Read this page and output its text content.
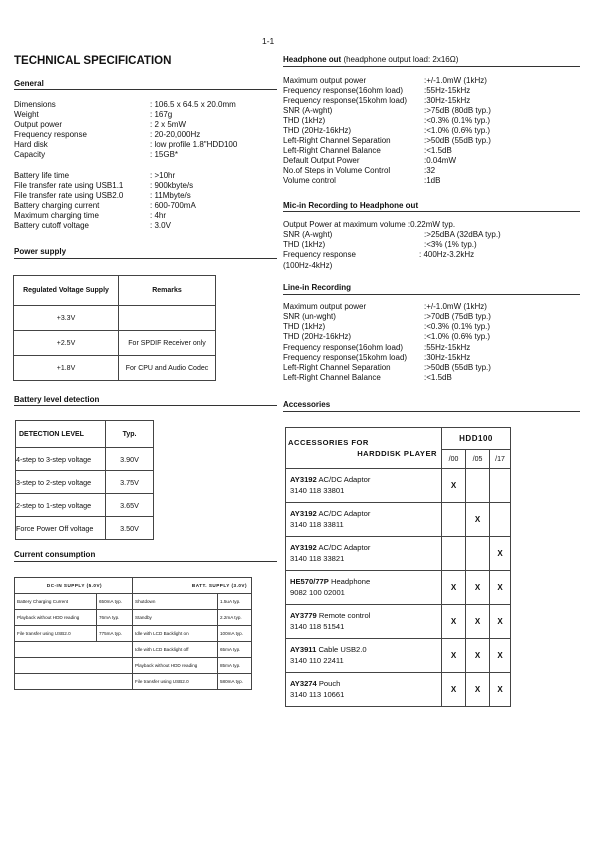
1-1
TECHNICAL SPECIFICATION
General
Dimensions	: 106.5 x 64.5 x 20.0mm
Weight	: 167g
Output power	: 2 x 5mW
Frequency response	: 20-20,000Hz
Hard disk	: low profile 1.8"HDD100
Capacity	: 15GB*
Battery life time	: >10hr
File transfer rate using USB1.1	: 900kbyte/s
File transfer rate using USB2.0	: 11Mbyte/s
Battery charging current	: 600-700mA
Maximum charging time	: 4hr
Battery cutoff voltage	: 3.0V
Power supply
Regulated Voltage Supply	Remarks
+3.3V	
+2.5V	For SPDIF Receiver only
+1.8V	For CPU and Audio Codec
Battery level detection
DETECTION LEVEL	Typ.
4-step to 3-step voltage	3.90V
3-step to 2-step voltage	3.75V
2-step to 1-step voltage	3.65V
Force Power Off voltage	3.50V
Current consumption
DC-IN SUPPLY (5.0V)		BATT. SUPPLY (3.0V)	
Battery Charging Current	650mA typ.	Shutdown	1.5uA typ.
Playback without HDD reading	76mA typ.	Standby	2.2mA typ.
File transfer using USB2.0	775mA typ.	Idle with LCD Backlight on	100mA typ.
		Idle with LCD Backlight off	65mA typ.
		Playback without HDD reading	85mA typ.
		File transfer using USB2.0	580mA typ.
Headphone out (headphone output load: 2x16Ω)
Maximum output power	:+/-1.0mW (1kHz)
Frequency response(16ohm load)	:55Hz-15kHz
Frequency response(15kohm load) :30Hz-15kHz
SNR (A-wght)	:>75dB (80dB typ.)
THD (1kHz)	:<0.3% (0.1% typ.)
THD (20Hz-16kHz)	:<1.0% (0.6% typ.)
Left-Right Channel Separation	:>50dB (55dB typ.)
Left-Right Channel Balance	:<1.5dB
Default Output Power	:0.04mW
No.of Steps in Volume Control	:32
Volume control	:1dB
Mic-in Recording to Headphone out
Output Power at maximum volume :0.22mW typ.
SNR (A-wght)	:>25dBA (32dBA typ.)
THD (1kHz)	:<3% (1% typ.)
Frequency response	: 400Hz-3.2kHz
(100Hz-4kHz)
Line-in Recording
Maximum output power	:+/-1.0mW (1kHz)
SNR (un-wght)	:>70dB (75dB typ.)
THD (1kHz)	:<0.3% (0.1% typ.)
THD (20Hz-16kHz)	:<1.0% (0.6% typ.)
Frequency response(16ohm load)	:55Hz-15kHz
Frequency response(15kohm load) :30Hz-15kHz
Left-Right Channel Separation	:>50dB (55dB typ.)
Left-Right Channel Balance	:<1.5dB
Accessories
ACCESSORIES FOR
HARDDISK PLAYER	HDD100		
	/00	/05	/17
AY3192 AC/DC Adaptor
3140 118 33801	X		
AY3192 AC/DC Adaptor
3140 118 33811		X	
AY3192 AC/DC Adaptor
3140 118 33821			X
HE570/77P Headphone
9082 100 02001	X	X	X
AY3779 Remote control
3140 118 51541	X	X	X
AY3911 Cable USB2.0
3140 110 22411	X	X	X
AY3274 Pouch
3140 113 10661	X	X	X
